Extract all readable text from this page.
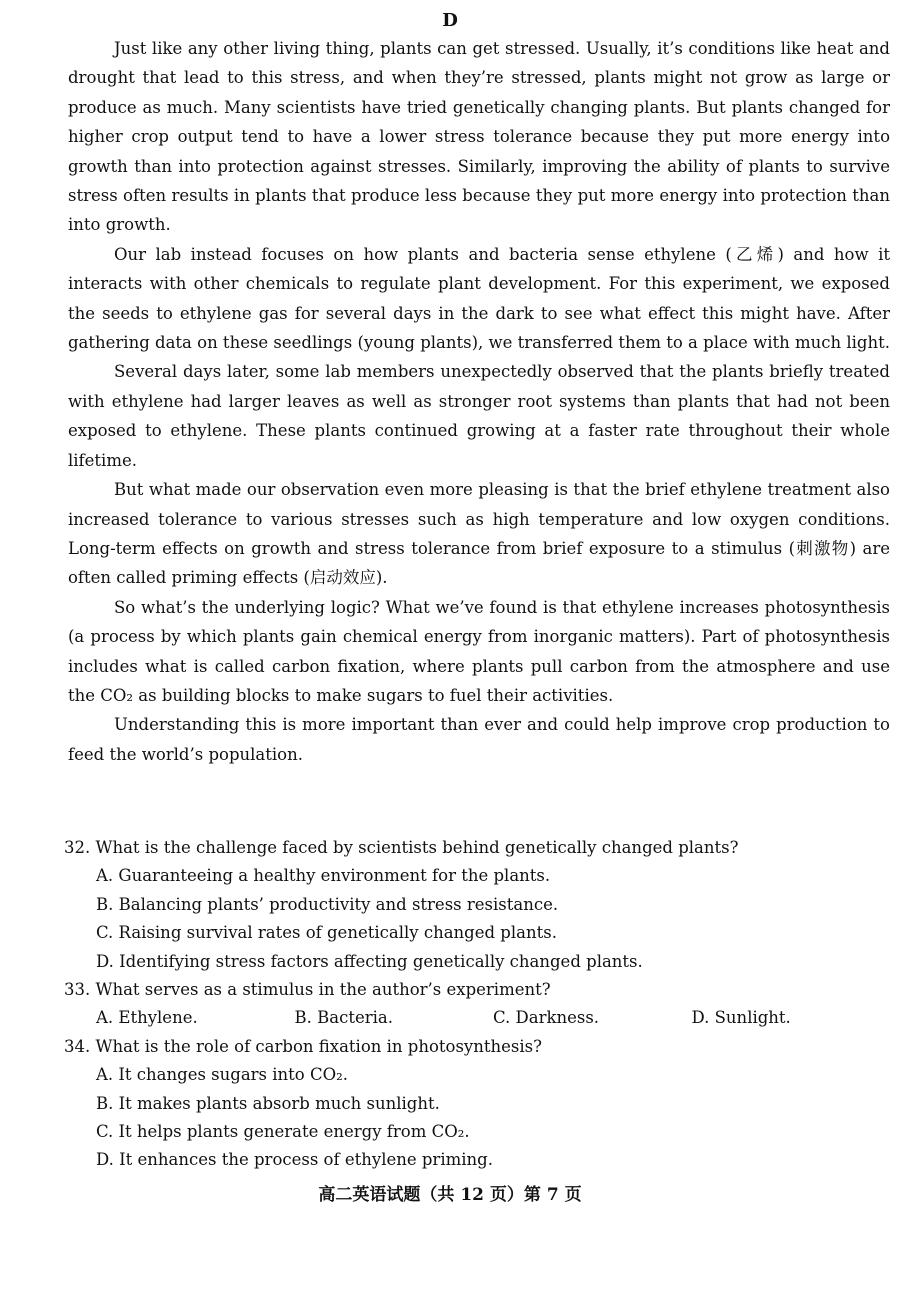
D

Just like any other living thing, plants can get stressed. Usually, it’s conditions like heat and drought that lead to this stress, and when they’re stressed, plants might not grow as large or produce as much. Many scientists have tried genetically changing plants. But plants changed for higher crop output tend to have a lower stress tolerance because they put more energy into growth than into protection against stresses. Similarly, improving the ability of plants to survive stress often results in plants that produce less because they put more energy into protection than into growth.

Our lab instead focuses on how plants and bacteria sense ethylene (乙烯) and how it interacts with other chemicals to regulate plant development. For this experiment, we exposed the seeds to ethylene gas for several days in the dark to see what effect this might have. After gathering data on these seedlings (young plants), we transferred them to a place with much light.

Several days later, some lab members unexpectedly observed that the plants briefly treated with ethylene had larger leaves as well as stronger root systems than plants that had not been exposed to ethylene. These plants continued growing at a faster rate throughout their whole lifetime.

But what made our observation even more pleasing is that the brief ethylene treatment also increased tolerance to various stresses such as high temperature and low oxygen conditions. Long-term effects on growth and stress tolerance from brief exposure to a stimulus (刺激物) are often called priming effects (启动效应).

So what’s the underlying logic? What we’ve found is that ethylene increases photosynthesis (a process by which plants gain chemical energy from inorganic matters). Part of photosynthesis includes what is called carbon fixation, where plants pull carbon from the atmosphere and use the CO₂ as building blocks to make sugars to fuel their activities.

Understanding this is more important than ever and could help improve crop production to feed the world’s population.

32. What is the challenge faced by scientists behind genetically changed plants?
A. Guaranteeing a healthy environment for the plants.
B. Balancing plants’ productivity and stress resistance.
C. Raising survival rates of genetically changed plants.
D. Identifying stress factors affecting genetically changed plants.
33. What serves as a stimulus in the author’s experiment?
A. Ethylene.	B. Bacteria.	C. Darkness.	D. Sunlight.
34. What is the role of carbon fixation in photosynthesis?
A. It changes sugars into CO₂.
B. It makes plants absorb much sunlight.
C. It helps plants generate energy from CO₂.
D. It enhances the process of ethylene priming.
高二英语试题（共 12 页）第 7 页
